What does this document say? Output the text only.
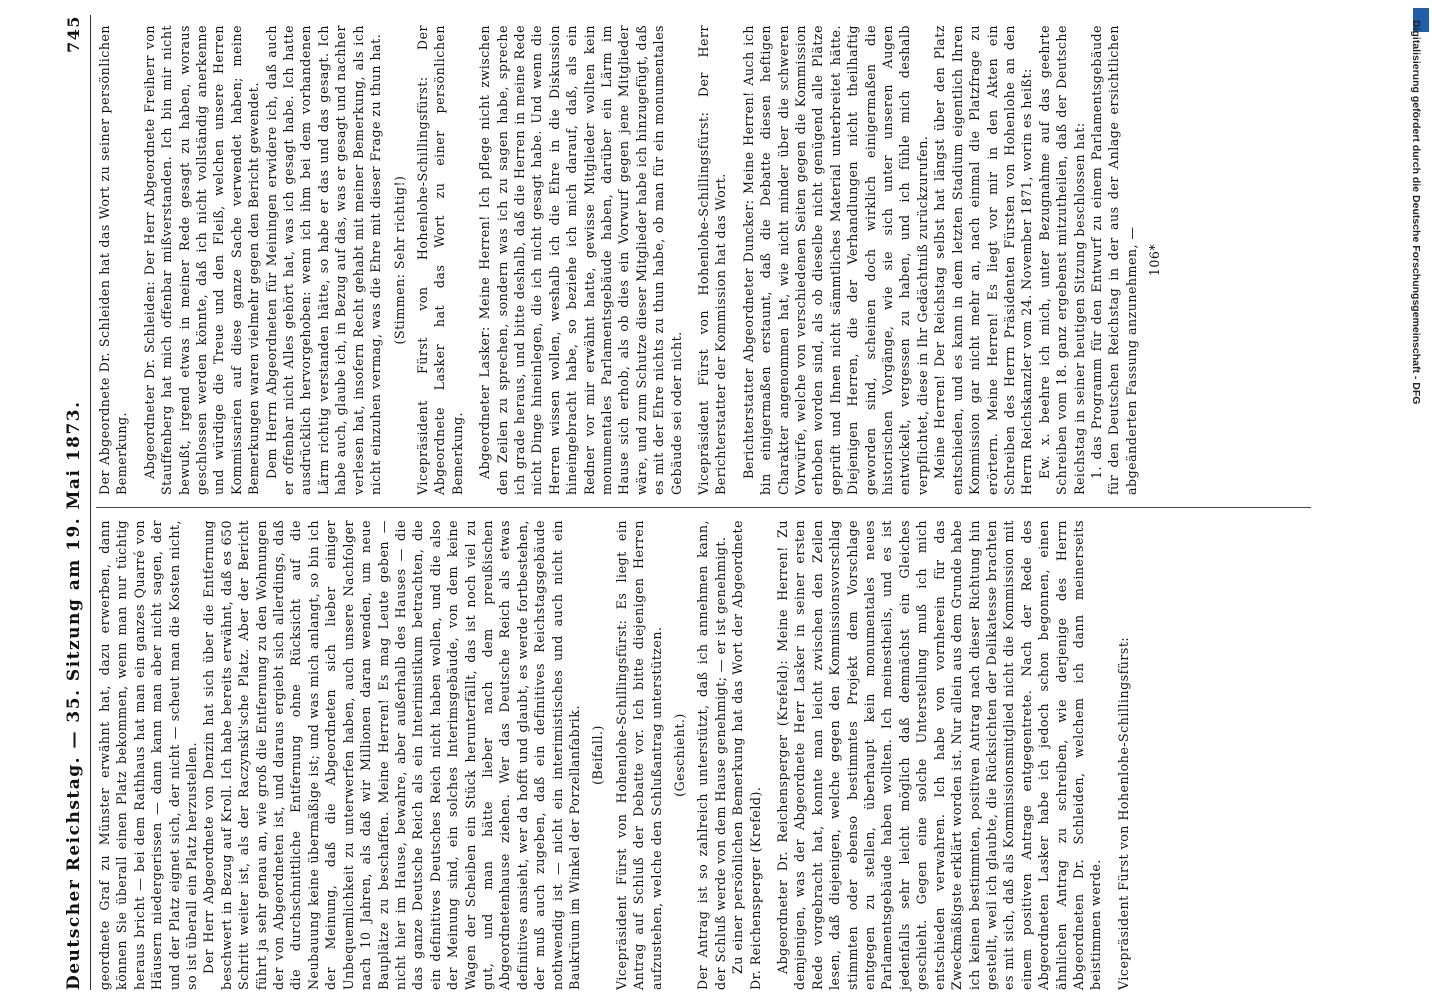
Deutscher Reichstag. — 35. Sitzung am 19. Mai 1873.
745

geordnete Graf zu Münster erwähnt hat, dazu erwerben, dann können Sie überall einen Platz bekommen, wenn man nur tüchtig heraus bricht — bei dem Rathhaus hat man ein ganzes Quarré von Häusern niedergerissen — dann kann man aber nicht sagen, der und der Platz eignet sich, der nicht — scheut man die Kosten nicht, so ist überall ein Platz herzustellen. Der Herr Abgeordnete von Denzin hat sich über die Entfernung beschwert in Bezug auf Kroll. Ich habe bereits erwähnt, daß es 650 Schritt weiter ist, als der Raczynski'sche Platz. Aber der Bericht führt ja sehr genau an, wie groß die Entfernung zu den Wohnungen der von Abgeordneten ist, und daraus ergiebt sich allerdings, daß die durchschnittliche Entfernung ohne Rücksicht auf die Neubauung keine übermäßige ist; und was mich anlangt, so bin ich der Meinung, daß die Abgeordneten sich lieber einiger Unbequemlichkeit zu unterwerfen haben, auch unsere Nachfolger nach 10 Jahren, als daß wir Millionen daran wenden, um neue Bauplätze zu beschaffen. Meine Herren! Es mag Leute geben — nicht hier im Hause, bewahre, aber außerhalb des Hauses — die das ganze Deutsche Reich als ein Interimistikum betrachten, die ein definitives Deutsches Reich nicht haben wollen, und die also der Meinung sind, ein solches Interimsgebäude, von dem keine Wagen der Scheiben ein Stück herunterfällt, das ist noch viel zu gut, und man hätte lieber nach dem preußischen Abgeordnetenhause ziehen. Wer das Deutsche Reich als etwas definitives ansieht, wer da hofft und glaubt, es werde fortbestehen, der muß auch zugeben, daß ein definitives Reichstagsgebäude nothwendig ist — nicht ein interimistisches und auch nicht ein Baukrüum im Winkel der Porzellanfabrik. (Beifall.) Vicepräsident Fürst von Hohenlohe-Schillingsfürst: Es liegt ein Antrag auf Schluß der Debatte vor. Ich bitte diejenigen Herren aufzustehen, welche den Schlußantrag unterstützen. (Geschieht.) Der Antrag ist so zahlreich unterstützt, daß ich annehmen kann, der Schluß werde von dem Hause genehmigt; — er ist genehmigt. Zu einer persönlichen Bemerkung hat das Wort der Abgeordnete Dr. Reichensperger (Krefeld). Abgeordneter Dr. Reichensperger (Krefeld): Meine Herren! Zu demjenigen, was der Abgeordnete Herr Lasker in seiner ersten Rede vorgebracht hat, konnte man leicht zwischen den Zeilen lesen, daß diejenigen, welche gegen den Kommissionsvorschlag stimmten oder ebenso bestimmtes Projekt dem Vorschlage entgegen zu stellen, überhaupt kein monumentales neues Parlamentsgebäude haben wollten. Ich meinestheils, und es ist jedenfalls sehr leicht möglich daß demnächst ein Gleiches geschieht. Gegen eine solche Unterstellung muß ich mich entschieden verwahren. Ich habe von vornherein für das Zweckmäßigste erklärt worden ist. Nur allein aus dem Grunde habe ich keinen bestimmten, positiven Antrag nach dieser Richtung hin gestellt, weil ich glaubte, die Rücksichten der Delikatesse brachten es mit sich, daß als Kommissionsmitglied nicht die Kommission mit einem positiven Antrage entgegentrete. Nach der Rede des Abgeordneten Lasker habe ich jedoch schon begonnen, einen ähnlichen Antrag zu schreiben, wie derjenige des Herrn Abgeordneten Dr. Schleiden, welchem ich dann meinerseits beistimmen werde. Vicepräsident Fürst von Hohenlohe-Schillingsfürst:

Der Abgeordnete Dr. Schleiden hat das Wort zu seiner persönlichen Bemerkung. Abgeordneter Dr. Schleiden: Der Herr Abgeordnete Freiherr von Stauffenberg hat mich offenbar mißverstanden. Ich bin mir nicht bewußt, irgend etwas in meiner Rede gesagt zu haben, woraus geschlossen werden könnte, daß ich nicht vollständig anerkenne und würdige die Treue und den Fleiß, welchen unsere Herren Kommissarien auf diese ganze Sache verwendet haben; meine Bemerkungen waren vielmehr gegen den Bericht gewendet. Dem Herrn Abgeordneten für Meiningen erwidere ich, daß auch er offenbar nicht Alles gehört hat, was ich gesagt habe. Ich hatte ausdrücklich hervorgehoben: wenn ich ihm bei dem vorhandenen Lärm richtig verstanden hätte, so habe er das und das gesagt. Ich habe auch, glaube ich, in Bezug auf das, was er gesagt und nachher verlesen hat, insofern Recht gehabt mit meiner Bemerkung, als ich nicht einzuhen vermag, was die Ehre mit dieser Frage zu thun hat. (Stimmen: Sehr richtig!) Vicepräsident Fürst von Hohenlohe-Schillingsfürst: Der Abgeordnete Lasker hat das Wort zu einer persönlichen Bemerkung. Abgeordneter Lasker: Meine Herren! Ich pflege nicht zwischen den Zeilen zu sprechen, sondern was ich zu sagen habe, spreche ich grade heraus, und bitte deshalb, daß die Herren in meine Rede nicht Dinge hineinlegen, die ich nicht gesagt habe. Und wenn die Herren wissen wollen, weshalb ich die Ehre in die Diskussion hineingebracht habe, so beziehe ich mich darauf, daß, als ein Redner vor mir erwähnt hatte, gewisse Mitglieder wollten kein monumentales Parlamentsgebäude haben, darüber ein Lärm im Hause sich erhob, als ob dies ein Vorwurf gegen jene Mitglieder wäre, und zum Schutze dieser Mitglieder habe ich hinzugefügt, daß es mit der Ehre nichts zu thun habe, ob man für ein monumentales Gebäude sei oder nicht. Vicepräsident Fürst von Hohenlohe-Schillingsfürst: Der Herr Berichterstatter der Kommission hat das Wort. Berichterstatter Abgeordneter Duncker: Meine Herren! Auch ich bin einigermaßen erstaunt, daß die Debatte diesen heftigen Charakter angenommen hat, wie nicht minder über die schweren Vorwürfe, welche von verschiedenen Seiten gegen die Kommission erhoben worden sind, als ob dieselbe nicht genügend alle Plätze geprüft und Ihnen nicht sämmtliches Material unterbreitet hätte. Diejenigen Herren, die der Verhandlungen nicht theilhaftig geworden sind, scheinen doch wirklich einigermaßen die historischen Vorgänge, wie sie sich unter unseren Augen entwickelt, vergessen zu haben, und ich fühle mich deshalb verpflichtet, diese in Ihr Gedächtniß zurückzurufen. Meine Herren! Der Reichstag selbst hat längst über den Platz entschieden, und es kann in dem letzten Stadium eigentlich Ihren Kommission gar nicht mehr an, nach einmal die Platzfrage zu erörtern. Meine Herren! Es liegt vor mir in den Akten ein Schreiben des Herrn Präsidenten Fürsten von Hohenlohe an den Herrn Reichskanzler vom 24. November 1871, worin es heißt: Ew. x. beehre ich mich, unter Bezugnahme auf das geehrte Schreiben vom 18. ganz ergebenst mitzutheilen, daß der Deutsche Reichstag in seiner heutigen Sitzung beschlossen hat: 1. das Programm für den Entwurf zu einem Parlamentsgebäude für den Deutschen Reichstag in der aus der Anlage ersichtlichen abgeänderten Fassung anzunehmen, — 106*	Digitalisierung gefördert durch die Deutsche Forschungsgemeinschaft - DFG
